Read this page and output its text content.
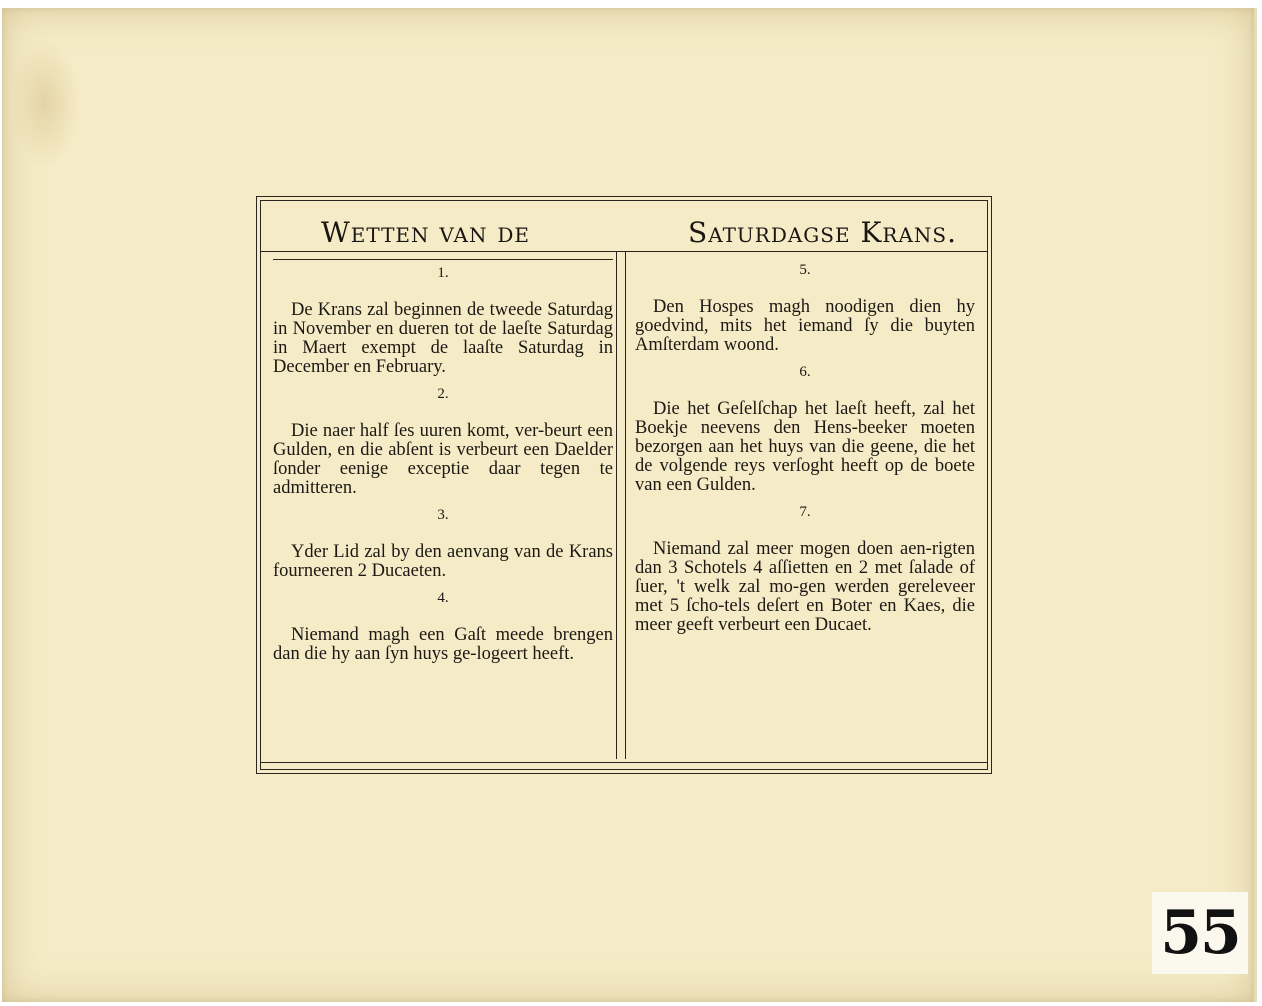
Wetten van de	Saturdagse Krans.
1.

De Krans zal beginnen de tweede Saturdag in November en dueren tot de laeſte Saturdag in Maert exempt de laaſte Saturdag in December en February.

2.

Die naer half ſes uuren komt, ver-beurt een Gulden, en die abſent is verbeurt een Daelder ſonder eenige exceptie daar tegen te admitteren.

3.

Yder Lid zal by den aenvang van de Krans fourneeren 2 Ducaeten.

4.

Niemand magh een Gaſt meede brengen dan die hy aan ſyn huys ge-logeert heeft.

5.

Den Hospes magh noodigen dien hy goedvind, mits het iemand ſy die buyten Amſterdam woond.

6.

Die het Geſelſchap het laeſt heeft, zal het Boekje neevens den Hens-beeker moeten bezorgen aan het huys van die geene, die het de volgende reys verſoght heeft op de boete van een Gulden.

7.

Niemand zal meer mogen doen aen-rigten dan 3 Schotels 4 aſſietten en 2 met ſalade of ſuer, 't welk zal mo-gen werden gereleveer met 5 ſcho-tels deſert en Boter en Kaes, die meer geeft verbeurt een Ducaet.

55
